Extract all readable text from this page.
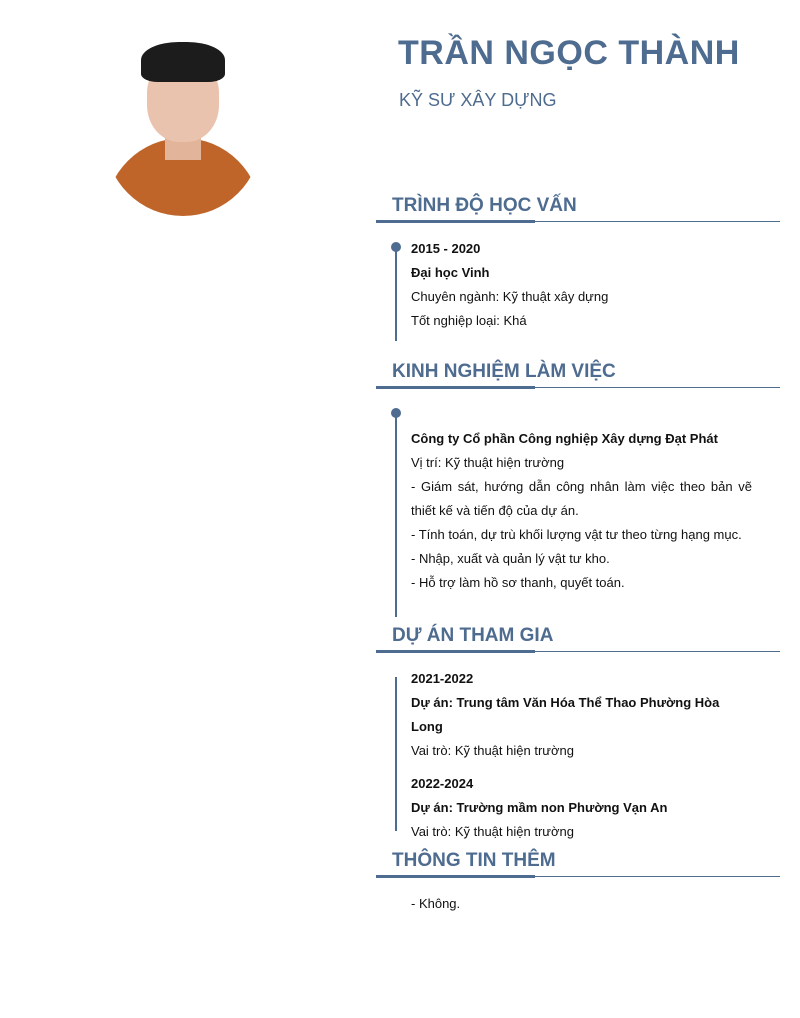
TRẦN NGỌC THÀNH
KỸ SƯ XÂY DỰNG
TRÌNH ĐỘ HỌC VẤN

2015 - 2020

Đại học Vinh

Chuyên ngành: Kỹ thuật xây dựng

Tốt nghiệp loại: Khá

KINH NGHIỆM LÀM VIỆC

Công ty Cổ phần Công nghiệp Xây dựng Đạt Phát

Vị trí: Kỹ thuật hiện trường

- Giám sát, hướng dẫn công nhân làm việc theo bản vẽ

thiết kế và tiến độ của dự án.

- Tính toán, dự trù khối lượng vật tư theo từng hạng mục.

- Nhập, xuất và quản lý vật tư kho.

- Hỗ trợ làm hồ sơ thanh, quyết toán.

DỰ ÁN THAM GIA

2021-2022

Dự án: Trung tâm Văn Hóa Thể Thao Phường Hòa Long

Vai trò: Kỹ thuật hiện trường

2022-2024

Dự án: Trường mầm non Phường Vạn An

Vai trò: Kỹ thuật hiện trường

THÔNG TIN THÊM

- Không.
